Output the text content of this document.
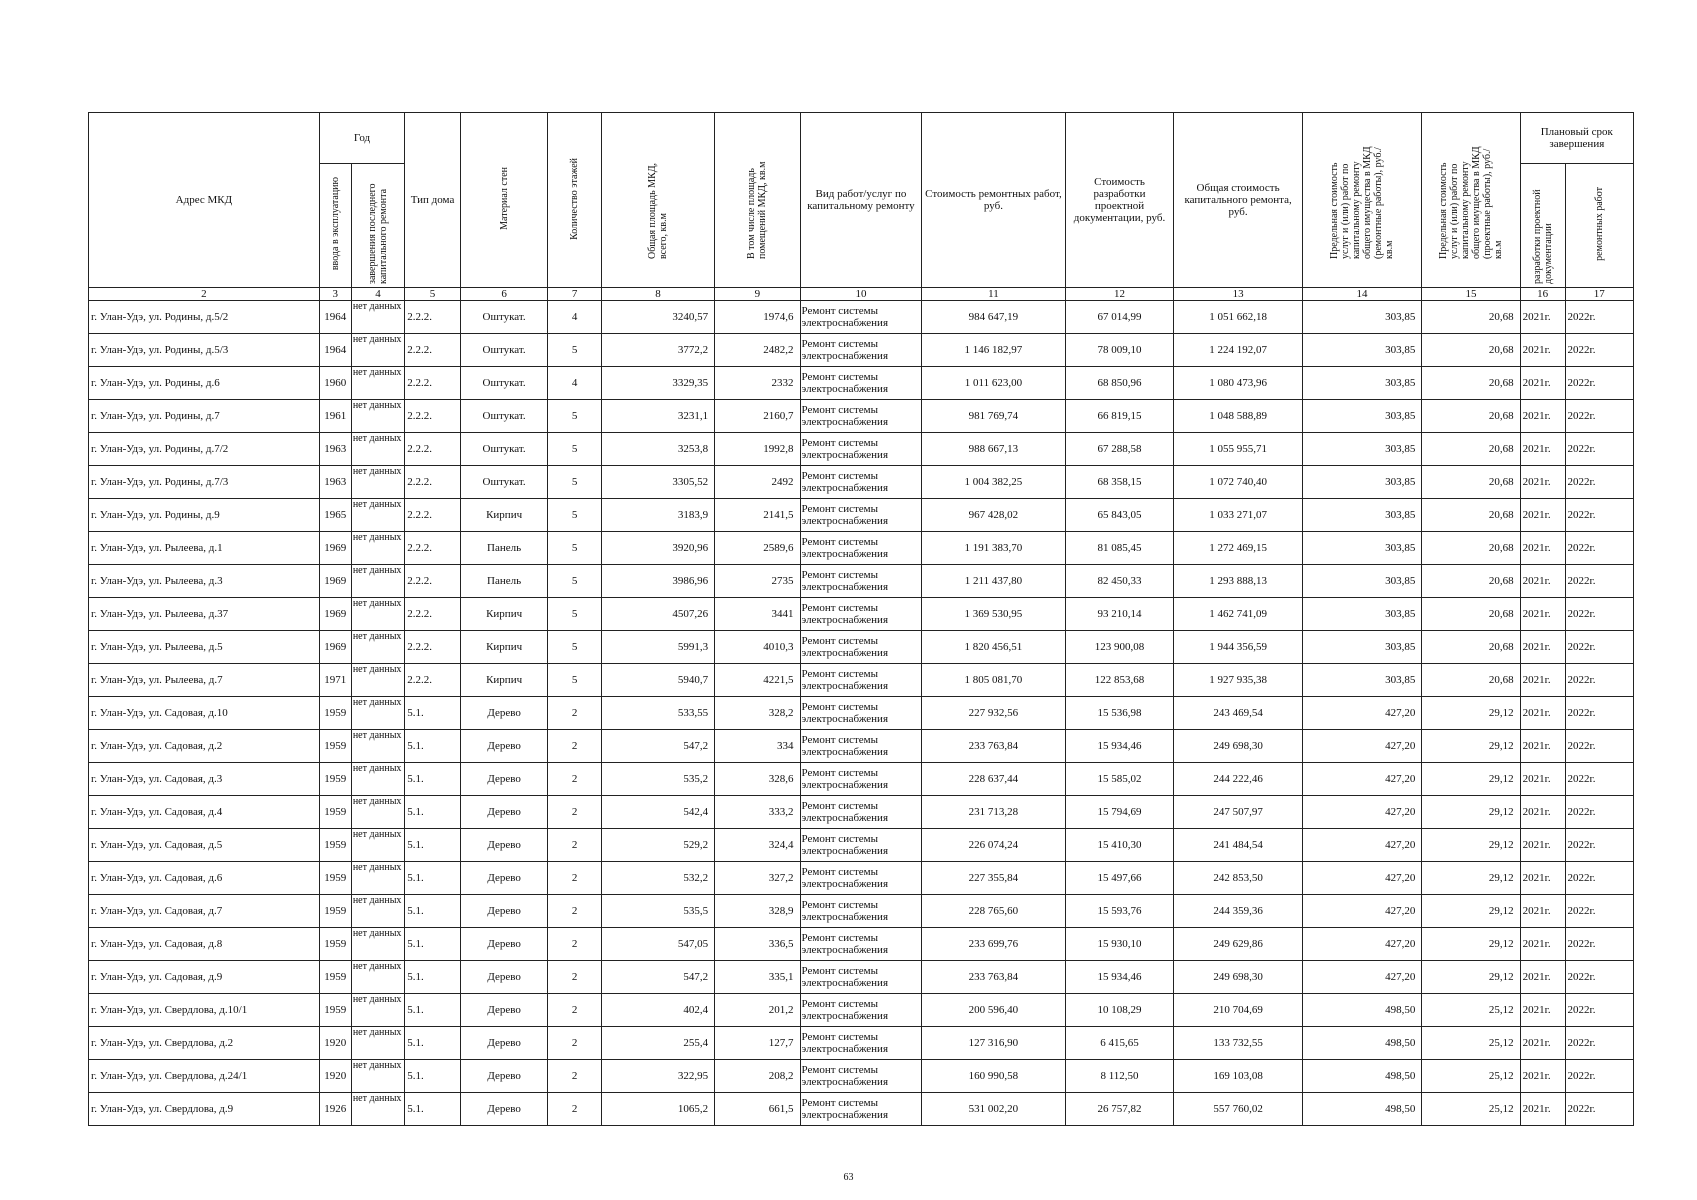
Адрес МКД	Год		Тип дома	Материал стен	Количество этажей	Общая площадь МКД, всего, кв.м	В том числе площадь помещений МКД, кв.м	Вид работ/услуг по капитальному ремонту	Стоимость ремонтных работ, руб.	Стоимость разработки проектной документации, руб.	Общая стоимость капитального ремонта, руб.	Предельная стоимость услуг и (или) работ по капитальному ремонту общего имущества в МКД (ремонтные работы), руб./кв.м	Предельная стоимость услуг и (или) работ по капитальному ремонту общего имущества в МКД (проектные работы), руб./кв.м	Плановый срок завершения	
	ввода в эксплуатацию	завершения последнего капитального ремонта												разработки проектной документации	ремонтных работ
2	3	4	5	6	7	8	9	10	11	12	13	14	15	16	17
г. Улан-Удэ, ул. Родины, д.5/2	1964	нет данных	2.2.2.	Оштукат.	4	3240,57	1974,6	Ремонт системы электроснабжения	984 647,19	67 014,99	1 051 662,18	303,85	20,68	2021г.	2022г.
г. Улан-Удэ, ул. Родины, д.5/3	1964	нет данных	2.2.2.	Оштукат.	5	3772,2	2482,2	Ремонт системы электроснабжения	1 146 182,97	78 009,10	1 224 192,07	303,85	20,68	2021г.	2022г.
г. Улан-Удэ, ул. Родины, д.6	1960	нет данных	2.2.2.	Оштукат.	4	3329,35	2332	Ремонт системы электроснабжения	1 011 623,00	68 850,96	1 080 473,96	303,85	20,68	2021г.	2022г.
г. Улан-Удэ, ул. Родины, д.7	1961	нет данных	2.2.2.	Оштукат.	5	3231,1	2160,7	Ремонт системы электроснабжения	981 769,74	66 819,15	1 048 588,89	303,85	20,68	2021г.	2022г.
г. Улан-Удэ, ул. Родины, д.7/2	1963	нет данных	2.2.2.	Оштукат.	5	3253,8	1992,8	Ремонт системы электроснабжения	988 667,13	67 288,58	1 055 955,71	303,85	20,68	2021г.	2022г.
г. Улан-Удэ, ул. Родины, д.7/3	1963	нет данных	2.2.2.	Оштукат.	5	3305,52	2492	Ремонт системы электроснабжения	1 004 382,25	68 358,15	1 072 740,40	303,85	20,68	2021г.	2022г.
г. Улан-Удэ, ул. Родины, д.9	1965	нет данных	2.2.2.	Кирпич	5	3183,9	2141,5	Ремонт системы электроснабжения	967 428,02	65 843,05	1 033 271,07	303,85	20,68	2021г.	2022г.
г. Улан-Удэ, ул. Рылеева, д.1	1969	нет данных	2.2.2.	Панель	5	3920,96	2589,6	Ремонт системы электроснабжения	1 191 383,70	81 085,45	1 272 469,15	303,85	20,68	2021г.	2022г.
г. Улан-Удэ, ул. Рылеева, д.3	1969	нет данных	2.2.2.	Панель	5	3986,96	2735	Ремонт системы электроснабжения	1 211 437,80	82 450,33	1 293 888,13	303,85	20,68	2021г.	2022г.
г. Улан-Удэ, ул. Рылеева, д.37	1969	нет данных	2.2.2.	Кирпич	5	4507,26	3441	Ремонт системы электроснабжения	1 369 530,95	93 210,14	1 462 741,09	303,85	20,68	2021г.	2022г.
г. Улан-Удэ, ул. Рылеева, д.5	1969	нет данных	2.2.2.	Кирпич	5	5991,3	4010,3	Ремонт системы электроснабжения	1 820 456,51	123 900,08	1 944 356,59	303,85	20,68	2021г.	2022г.
г. Улан-Удэ, ул. Рылеева, д.7	1971	нет данных	2.2.2.	Кирпич	5	5940,7	4221,5	Ремонт системы электроснабжения	1 805 081,70	122 853,68	1 927 935,38	303,85	20,68	2021г.	2022г.
г. Улан-Удэ, ул. Садовая, д.10	1959	нет данных	5.1.	Дерево	2	533,55	328,2	Ремонт системы электроснабжения	227 932,56	15 536,98	243 469,54	427,20	29,12	2021г.	2022г.
г. Улан-Удэ, ул. Садовая, д.2	1959	нет данных	5.1.	Дерево	2	547,2	334	Ремонт системы электроснабжения	233 763,84	15 934,46	249 698,30	427,20	29,12	2021г.	2022г.
г. Улан-Удэ, ул. Садовая, д.3	1959	нет данных	5.1.	Дерево	2	535,2	328,6	Ремонт системы электроснабжения	228 637,44	15 585,02	244 222,46	427,20	29,12	2021г.	2022г.
г. Улан-Удэ, ул. Садовая, д.4	1959	нет данных	5.1.	Дерево	2	542,4	333,2	Ремонт системы электроснабжения	231 713,28	15 794,69	247 507,97	427,20	29,12	2021г.	2022г.
г. Улан-Удэ, ул. Садовая, д.5	1959	нет данных	5.1.	Дерево	2	529,2	324,4	Ремонт системы электроснабжения	226 074,24	15 410,30	241 484,54	427,20	29,12	2021г.	2022г.
г. Улан-Удэ, ул. Садовая, д.6	1959	нет данных	5.1.	Дерево	2	532,2	327,2	Ремонт системы электроснабжения	227 355,84	15 497,66	242 853,50	427,20	29,12	2021г.	2022г.
г. Улан-Удэ, ул. Садовая, д.7	1959	нет данных	5.1.	Дерево	2	535,5	328,9	Ремонт системы электроснабжения	228 765,60	15 593,76	244 359,36	427,20	29,12	2021г.	2022г.
г. Улан-Удэ, ул. Садовая, д.8	1959	нет данных	5.1.	Дерево	2	547,05	336,5	Ремонт системы электроснабжения	233 699,76	15 930,10	249 629,86	427,20	29,12	2021г.	2022г.
г. Улан-Удэ, ул. Садовая, д.9	1959	нет данных	5.1.	Дерево	2	547,2	335,1	Ремонт системы электроснабжения	233 763,84	15 934,46	249 698,30	427,20	29,12	2021г.	2022г.
г. Улан-Удэ, ул. Свердлова, д.10/1	1959	нет данных	5.1.	Дерево	2	402,4	201,2	Ремонт системы электроснабжения	200 596,40	10 108,29	210 704,69	498,50	25,12	2021г.	2022г.
г. Улан-Удэ, ул. Свердлова, д.2	1920	нет данных	5.1.	Дерево	2	255,4	127,7	Ремонт системы электроснабжения	127 316,90	6 415,65	133 732,55	498,50	25,12	2021г.	2022г.
г. Улан-Удэ, ул. Свердлова, д.24/1	1920	нет данных	5.1.	Дерево	2	322,95	208,2	Ремонт системы электроснабжения	160 990,58	8 112,50	169 103,08	498,50	25,12	2021г.	2022г.
г. Улан-Удэ, ул. Свердлова, д.9	1926	нет данных	5.1.	Дерево	2	1065,2	661,5	Ремонт системы электроснабжения	531 002,20	26 757,82	557 760,02	498,50	25,12	2021г.	2022г.
63
